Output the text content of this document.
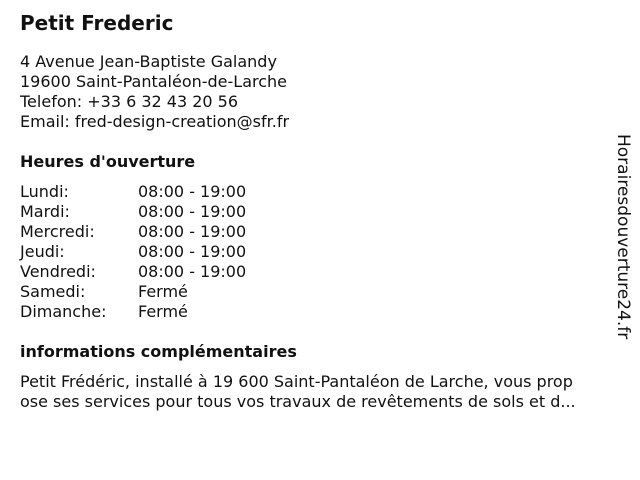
Petit Frederic
4 Avenue Jean-Baptiste Galandy
19600 Saint-Pantaléon-de-Larche
Telefon: +33 6 32 43 20 56
Email: fred-design-creation@sfr.fr
Heures d'ouverture
Lundi:	08:00 - 19:00
Mardi:	08:00 - 19:00
Mercredi:	08:00 - 19:00
Jeudi:	08:00 - 19:00
Vendredi:	08:00 - 19:00
Samedi:	Fermé
Dimanche:	Fermé
informations complémentaires
Petit Frédéric, installé à 19 600 Saint-Pantaléon de Larche, vous prop
ose ses services pour tous vos travaux de revêtements de sols et d...
Horairesdouverture24.fr
